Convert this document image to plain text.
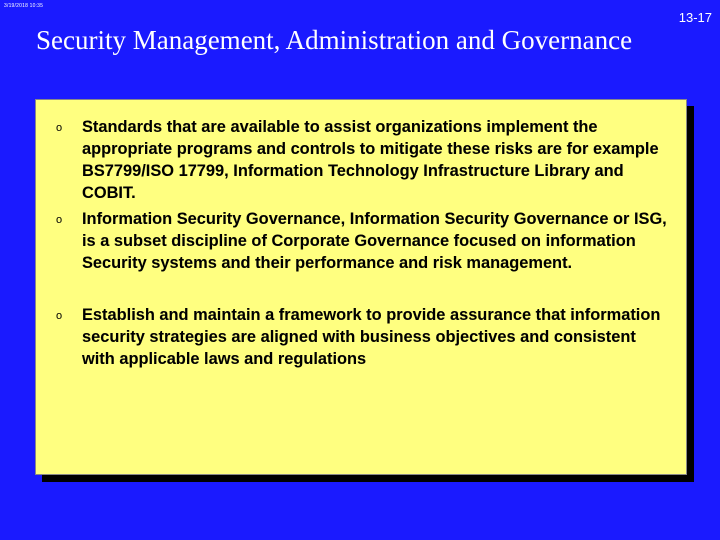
3/19/2018 10:35
13-17
Security Management, Administration and Governance
o Standards that are available to assist organizations implement the appropriate programs and controls to mitigate these risks are for example BS7799/ISO 17799, Information Technology Infrastructure Library and COBIT.
o Information Security Governance, Information Security Governance or ISG, is a subset discipline of Corporate Governance focused on information Security systems and their performance and risk management.
o Establish and maintain a framework to provide assurance that information security strategies are aligned with business objectives and consistent with applicable laws and regulations
